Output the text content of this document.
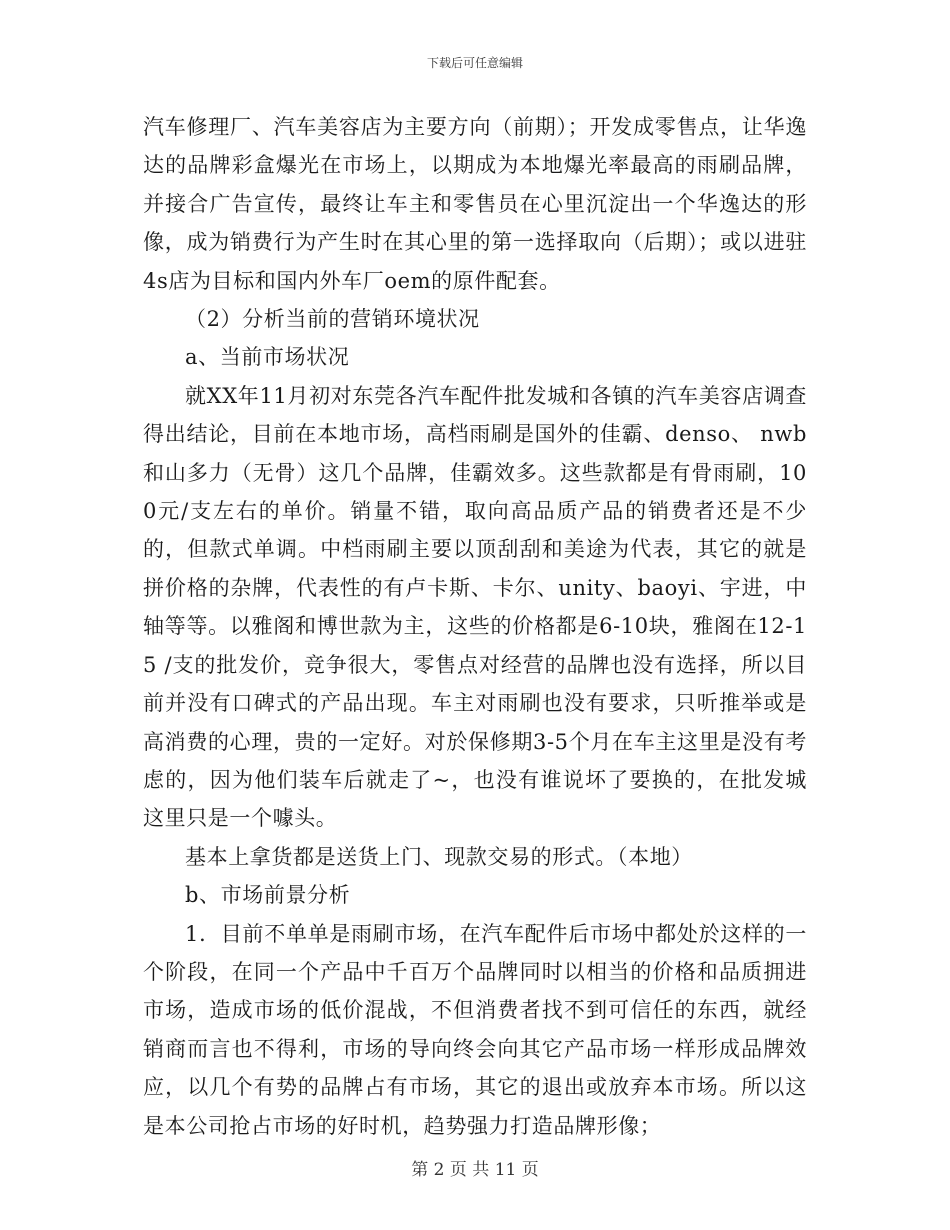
下载后可任意编辑

汽车修理厂、汽车美容店为主要方向（前期）；开发成零售点，让华逸达的品牌彩盒爆光在市场上，以期成为本地爆光率最高的雨刷品牌，并接合广告宣传，最终让车主和零售员在心里沉淀出一个华逸达的形像，成为销费行为产生时在其心里的第一选择取向（后期）；或以进驻4s店为目标和国内外车厂oem的原件配套。

（2）分析当前的营销环境状况

a、当前市场状况

就XX年11月初对东莞各汽车配件批发城和各镇的汽车美容店调查得出结论，目前在本地市场，高档雨刷是国外的佳霸、denso、 nwb和山多力（无骨）这几个品牌，佳霸效多。这些款都是有骨雨刷，100元/支左右的单价。销量不错，取向高品质产品的销费者还是不少的，但款式单调。中档雨刷主要以顶刮刮和美途为代表，其它的就是拼价格的杂牌，代表性的有卢卡斯、卡尔、unity、baoyi、宇进，中轴等等。以雅阁和博世款为主，这些的价格都是6-10块，雅阁在12-15 /支的批发价，竞争很大，零售点对经营的品牌也没有选择，所以目前并没有口碑式的产品出现。车主对雨刷也没有要求，只听推举或是高消费的心理，贵的一定好。对於保修期3-5个月在车主这里是没有考虑的，因为他们装车后就走了~，也没有谁说坏了要换的，在批发城这里只是一个噱头。

基本上拿货都是送货上门、现款交易的形式。（本地）

b、市场前景分析

1．目前不单单是雨刷市场，在汽车配件后市场中都处於这样的一个阶段，在同一个产品中千百万个品牌同时以相当的价格和品质拥进市场，造成市场的低价混战，不但消费者找不到可信任的东西，就经销商而言也不得利，市场的导向终会向其它产品市场一样形成品牌效应，以几个有势的品牌占有市场，其它的退出或放弃本市场。所以这是本公司抢占市场的好时机，趋势强力打造品牌形像；

第 2 页 共 11 页
